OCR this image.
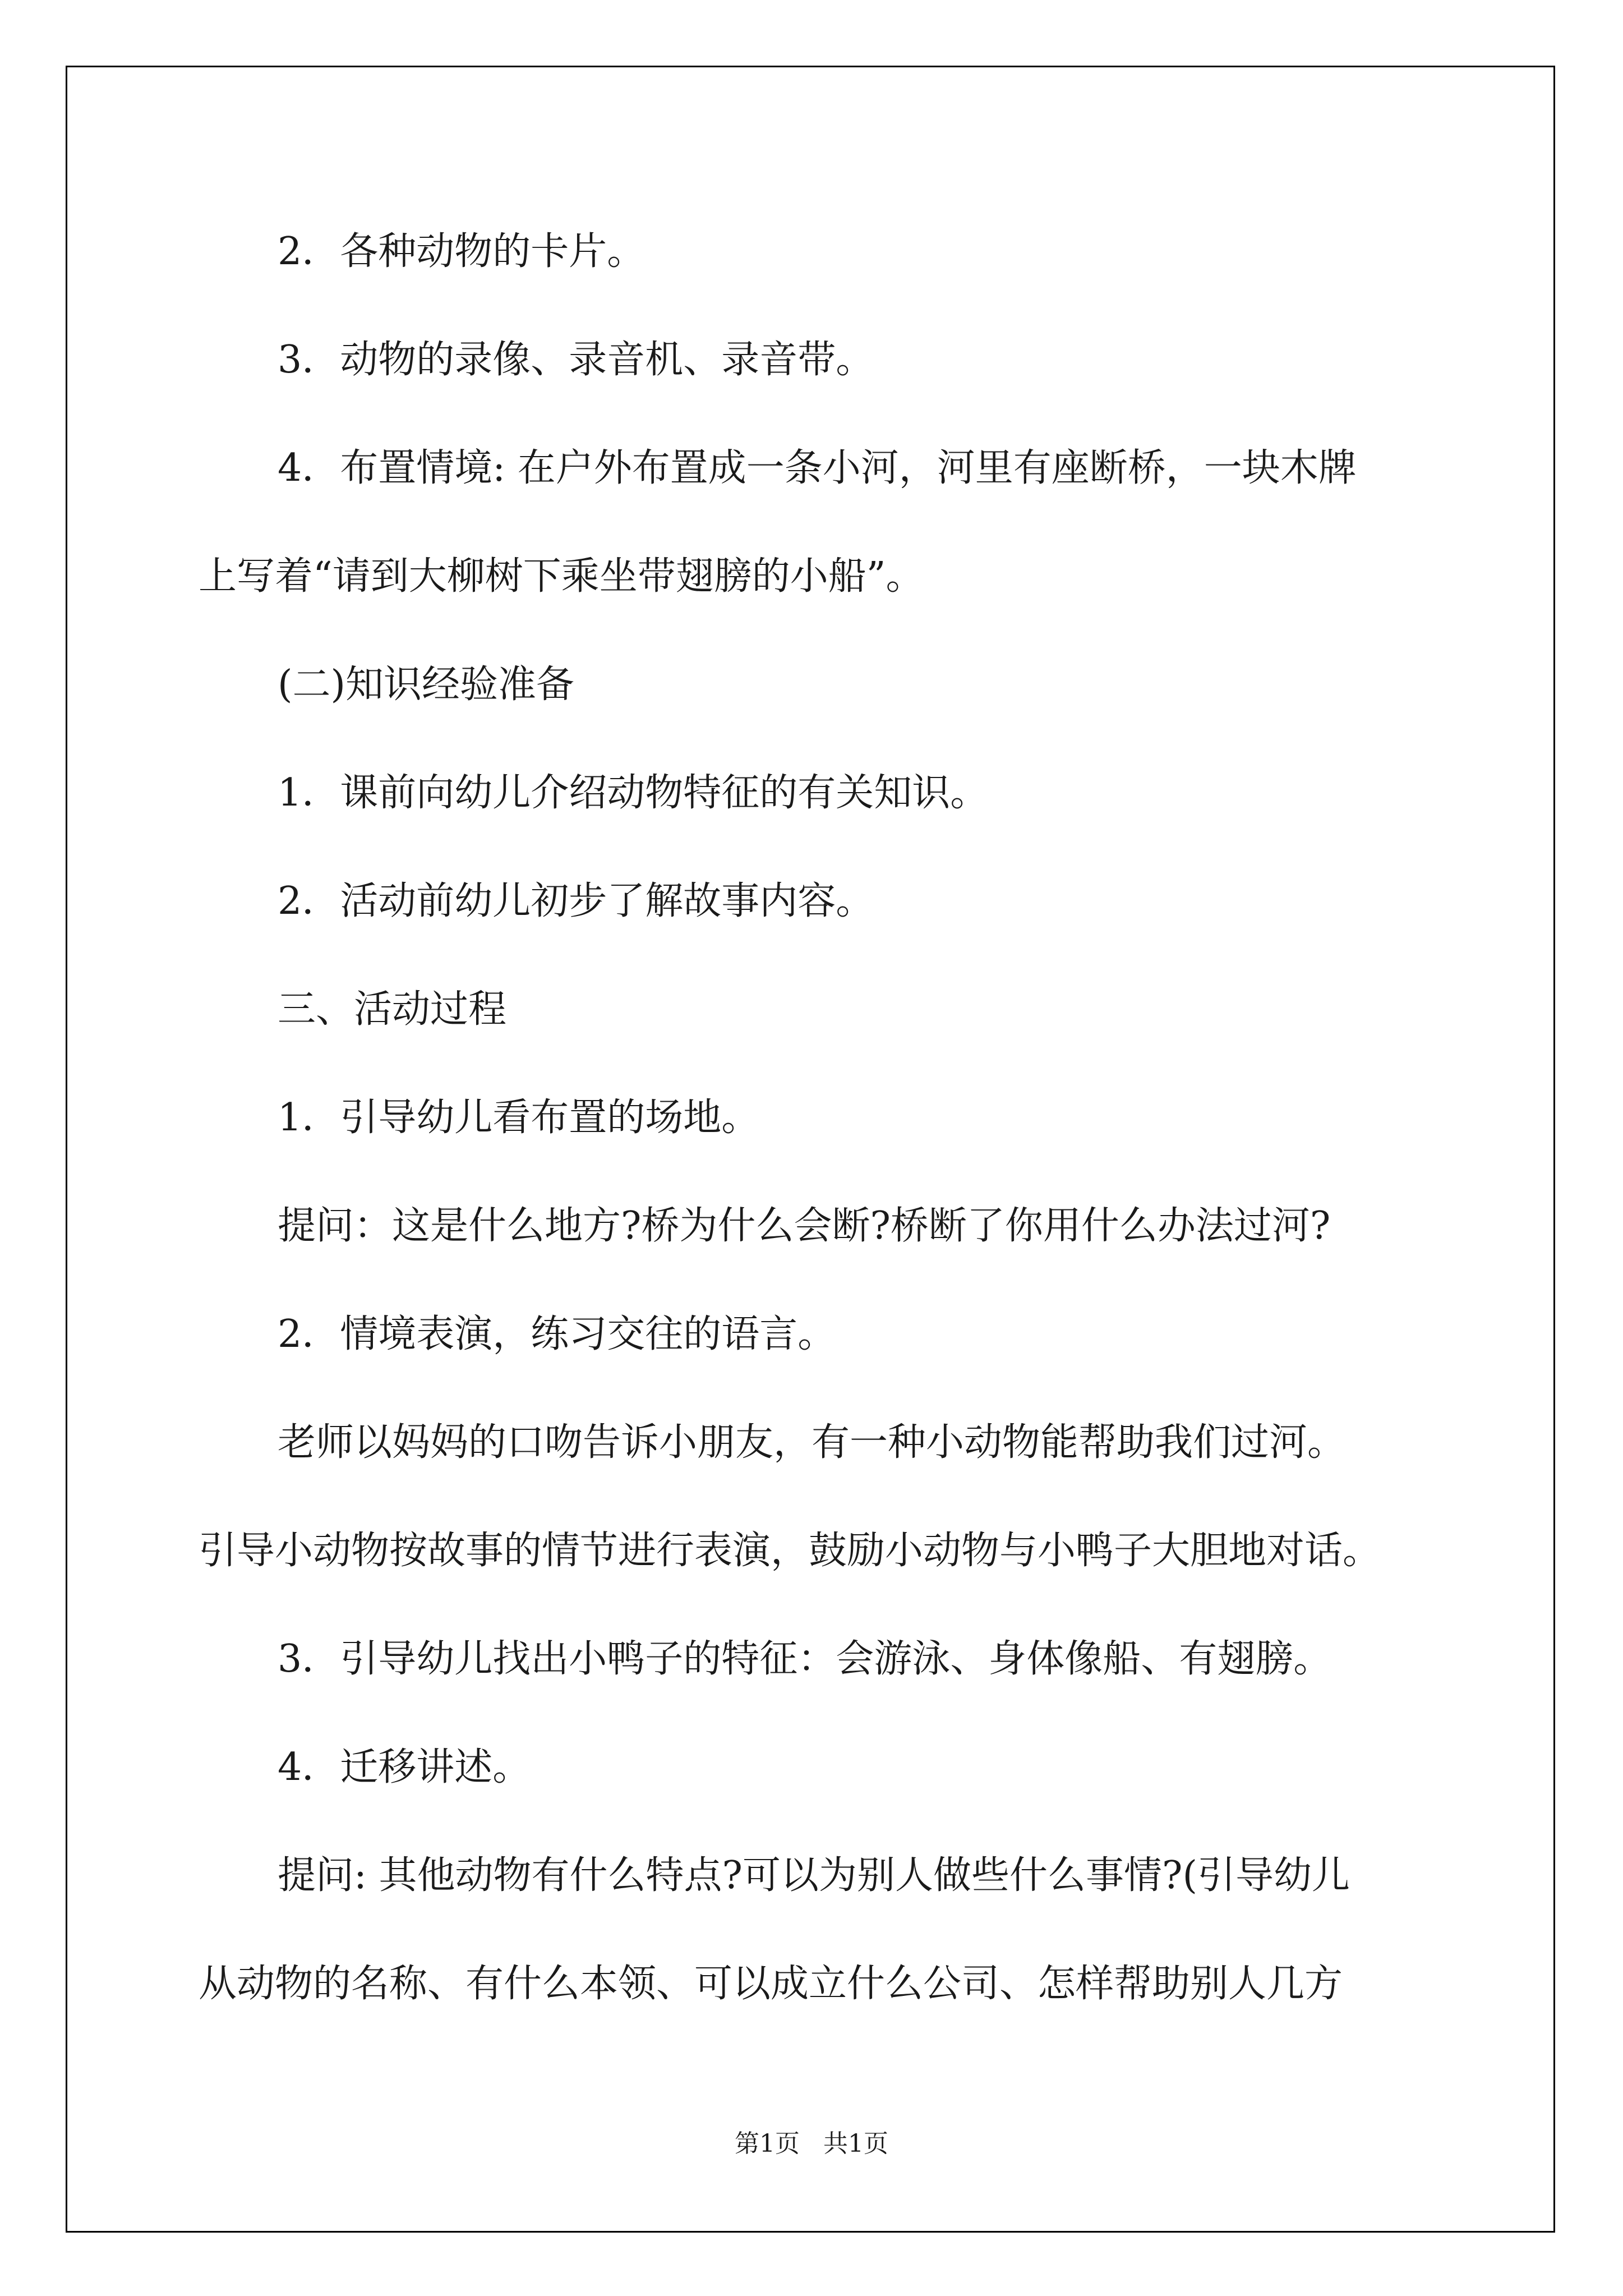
2．各种动物的卡片。

3．动物的录像、录音机、录音带。

4．布置情境: 在户外布置成一条小河，河里有座断桥，一块木牌

上写着“请到大柳树下乘坐带翅膀的小船”。

(二)知识经验准备

1．课前向幼儿介绍动物特征的有关知识。

2．活动前幼儿初步了解故事内容。

三、活动过程

1．引导幼儿看布置的场地。

提问：这是什么地方?桥为什么会断?桥断了你用什么办法过河?

2．情境表演，练习交往的语言。

老师以妈妈的口吻告诉小朋友，有一种小动物能帮助我们过河。

引导小动物按故事的情节进行表演，鼓励小动物与小鸭子大胆地对话。

3．引导幼儿找出小鸭子的特征：会游泳、身体像船、有翅膀。

4．迁移讲述。

提问: 其他动物有什么特点?可以为别人做些什么事情?(引导幼儿

从动物的名称、有什么本领、可以成立什么公司、怎样帮助别人几方

第1页   共1页
